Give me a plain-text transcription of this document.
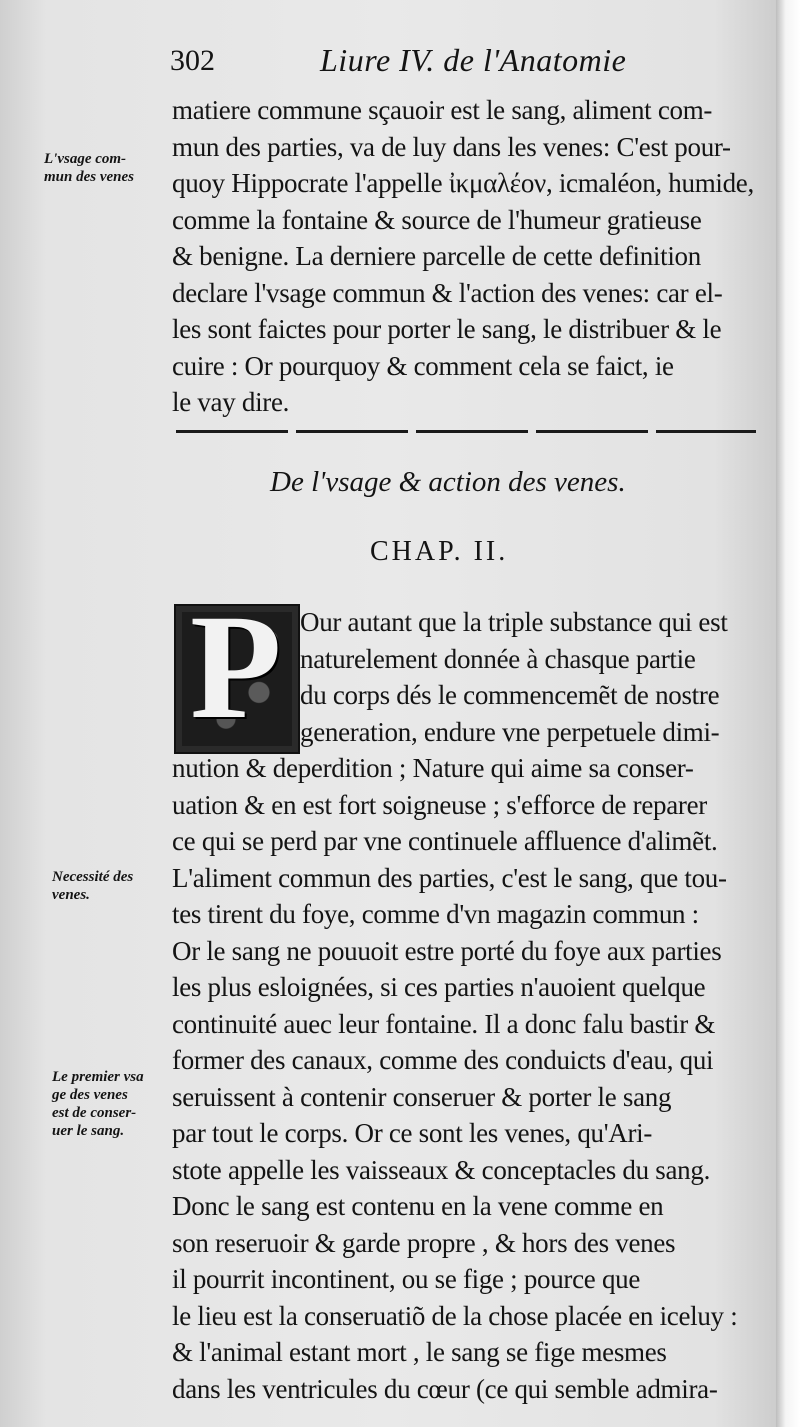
302	Liure IV. de l'Anatomie
L'vsage com-
mun des venes
matiere commune sçauoir est le sang, aliment com-
mun des parties, va de luy dans les venes: C'est pour-
quoy Hippocrate l'appelle ἰκμαλέον, icmaléon, humide,
comme la fontaine & source de l'humeur gratieuse
& benigne. La derniere parcelle de cette definition
declare l'vsage commun & l'action des venes: car el-
les sont faictes pour porter le sang, le distribuer & le
cuire : Or pourquoy & comment cela se faict, ie
le vay dire.
De l'vsage & action des venes.
CHAP. II.
P Our autant que la triple substance qui est
naturelement donnée à chasque partie
du corps dés le commencemẽt de nostre
generation, endure vne perpetuele dimi-
nution & deperdition ; Nature qui aime sa conser-
uation & en est fort soigneuse ; s'efforce de reparer
ce qui se perd par vne continuele affluence d'alimẽt.
L'aliment commun des parties, c'est le sang, que tou-
tes tirent du foye, comme d'vn magazin commun :
Or le sang ne pouuoit estre porté du foye aux parties
les plus esloignées, si ces parties n'auoient quelque
continuité auec leur fontaine. Il a donc falu bastir &
former des canaux, comme des conduicts d'eau, qui
seruissent à contenir conseruer & porter le sang
par tout le corps. Or ce sont les venes, qu'Ari-
stote appelle les vaisseaux & conceptacles du sang.
Donc le sang est contenu en la vene comme en
son reseruoir & garde propre , & hors des venes
il pourrit incontinent, ou se fige ; pource que
le lieu est la conseruatiõ de la chose placée en iceluy :
& l'animal estant mort , le sang se fige mesmes
dans les ventricules du cœur (ce qui semble admira-
Necessité des
venes.
Le premier vsa
ge des venes
est de conser-
uer le sang.
